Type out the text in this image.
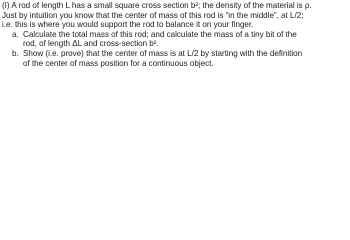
(I) A rod of length L has a small square cross section b²; the density of the material is ρ.
Just by intuition you know that the center of mass of this rod is “in the middle”, at L/2;
i.e. this is where you would support the rod to balance it on your finger.
a. Calculate the total mass of this rod; and calculate the mass of a tiny bit of the
rod, of length ΔL and cross-section b².
b. Show (i.e. prove) that the center of mass is at L/2 by starting with the definition
of the center of mass position for a continuous object.
